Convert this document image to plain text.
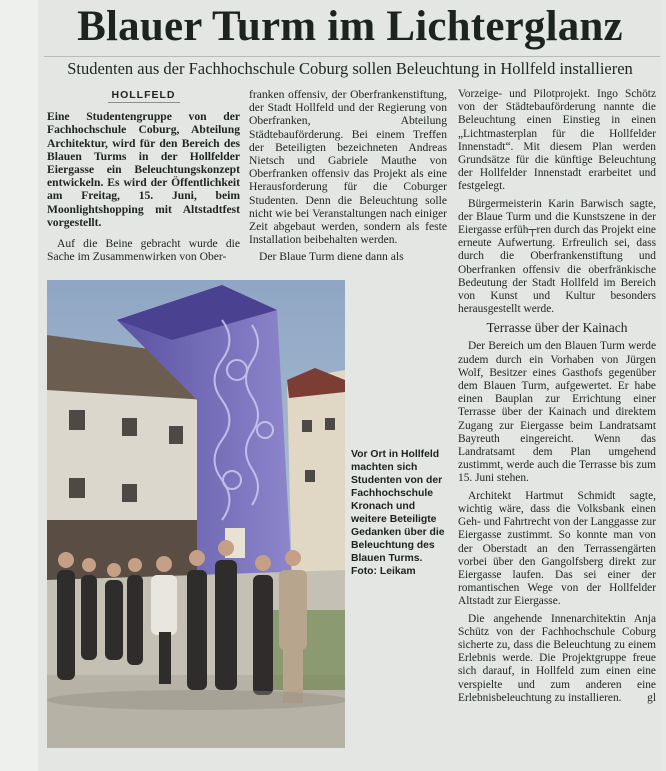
Blauer Turm im Lichterglanz
Studenten aus der Fachhochschule Coburg sollen Beleuchtung in Hollfeld installieren
HOLLFELD

Eine Studentengruppe von der Fachhochschule Coburg, Abteilung Architektur, wird für den Bereich des Blauen Turms in der Hollfelder Eiergasse ein Beleuchtungskonzept entwickeln. Es wird der Öffentlichkeit am Freitag, 15. Juni, beim Moonlightshopping mit Altstadtfest vorgestellt.

Auf die Beine gebracht wurde die Sache im Zusammenwirken von Ober-

franken offensiv, der Oberfrankenstiftung, der Stadt Hollfeld und der Regierung von Oberfranken, Abteilung Städtebauförderung. Bei einem Treffen der Beteiligten bezeichneten Andreas Nietsch und Gabriele Mauthe von Oberfranken offensiv das Projekt als eine Herausforderung für die Coburger Studenten. Denn die Beleuchtung solle nicht wie bei Veranstaltungen nach einiger Zeit abgebaut werden, sondern als feste Installation beibehalten werden.

Der Blaue Turm diene dann als

Vorzeige- und Pilotprojekt. Ingo Schötz von der Städtebauförderung nannte die Beleuchtung einen Einstieg in einen „Lichtmasterplan für die Hollfelder Innenstadt“. Mit diesem Plan werden Grundsätze für die künftige Beleuchtung der Hollfelder Innenstadt erarbeitet und festgelegt.

Bürgermeisterin Karin Barwisch sagte, der Blaue Turm und die Kunstszene in der Eiergasse erfüh┬ren durch das Projekt eine erneute Aufwertung. Erfreulich sei, dass durch die Oberfrankenstiftung und Oberfranken offensiv die oberfränkische Bedeutung der Stadt Hollfeld im Bereich von Kunst und Kultur besonders herausgestellt werde.

Terrasse über der Kainach

Der Bereich um den Blauen Turm werde zudem durch ein Vorhaben von Jürgen Wolf, Besitzer eines Gasthofs gegenüber dem Blauen Turm, aufgewertet. Er habe einen Bauplan zur Errichtung einer Terrasse über der Kainach und direktem Zugang zur Eiergasse beim Landratsamt Bayreuth eingereicht. Wenn das Landratsamt dem Plan umgehend zustimmt, werde auch die Terrasse bis zum 15. Juni stehen.

Architekt Hartmut Schmidt sagte, wichtig wäre, dass die Volksbank einen Geh- und Fahrtrecht von der Langgasse zur Eiergasse zustimmt. So konnte man von der Oberstadt an den Terrassengärten vorbei über den Gangolfsberg direkt zur Eiergasse laufen. Das sei einer der romantischen Wege von der Hollfelder Altstadt zur Eiergasse.

Die angehende Innenarchitektin Anja Schütz von der Fachhochschule Coburg sicherte zu, dass die Beleuchtung zu einem Erlebnis werde. Die Projektgruppe freue sich darauf, in Hollfeld zum einen eine verspielte und zum anderen eine Erlebnisbeleuchtung zu installieren.	gl
Vor Ort in Hollfeld machten sich Studenten von der Fachhochschule Kronach und weitere Beteiligte Gedanken über die Beleuchtung des Blauen Turms. Foto: Leikam
